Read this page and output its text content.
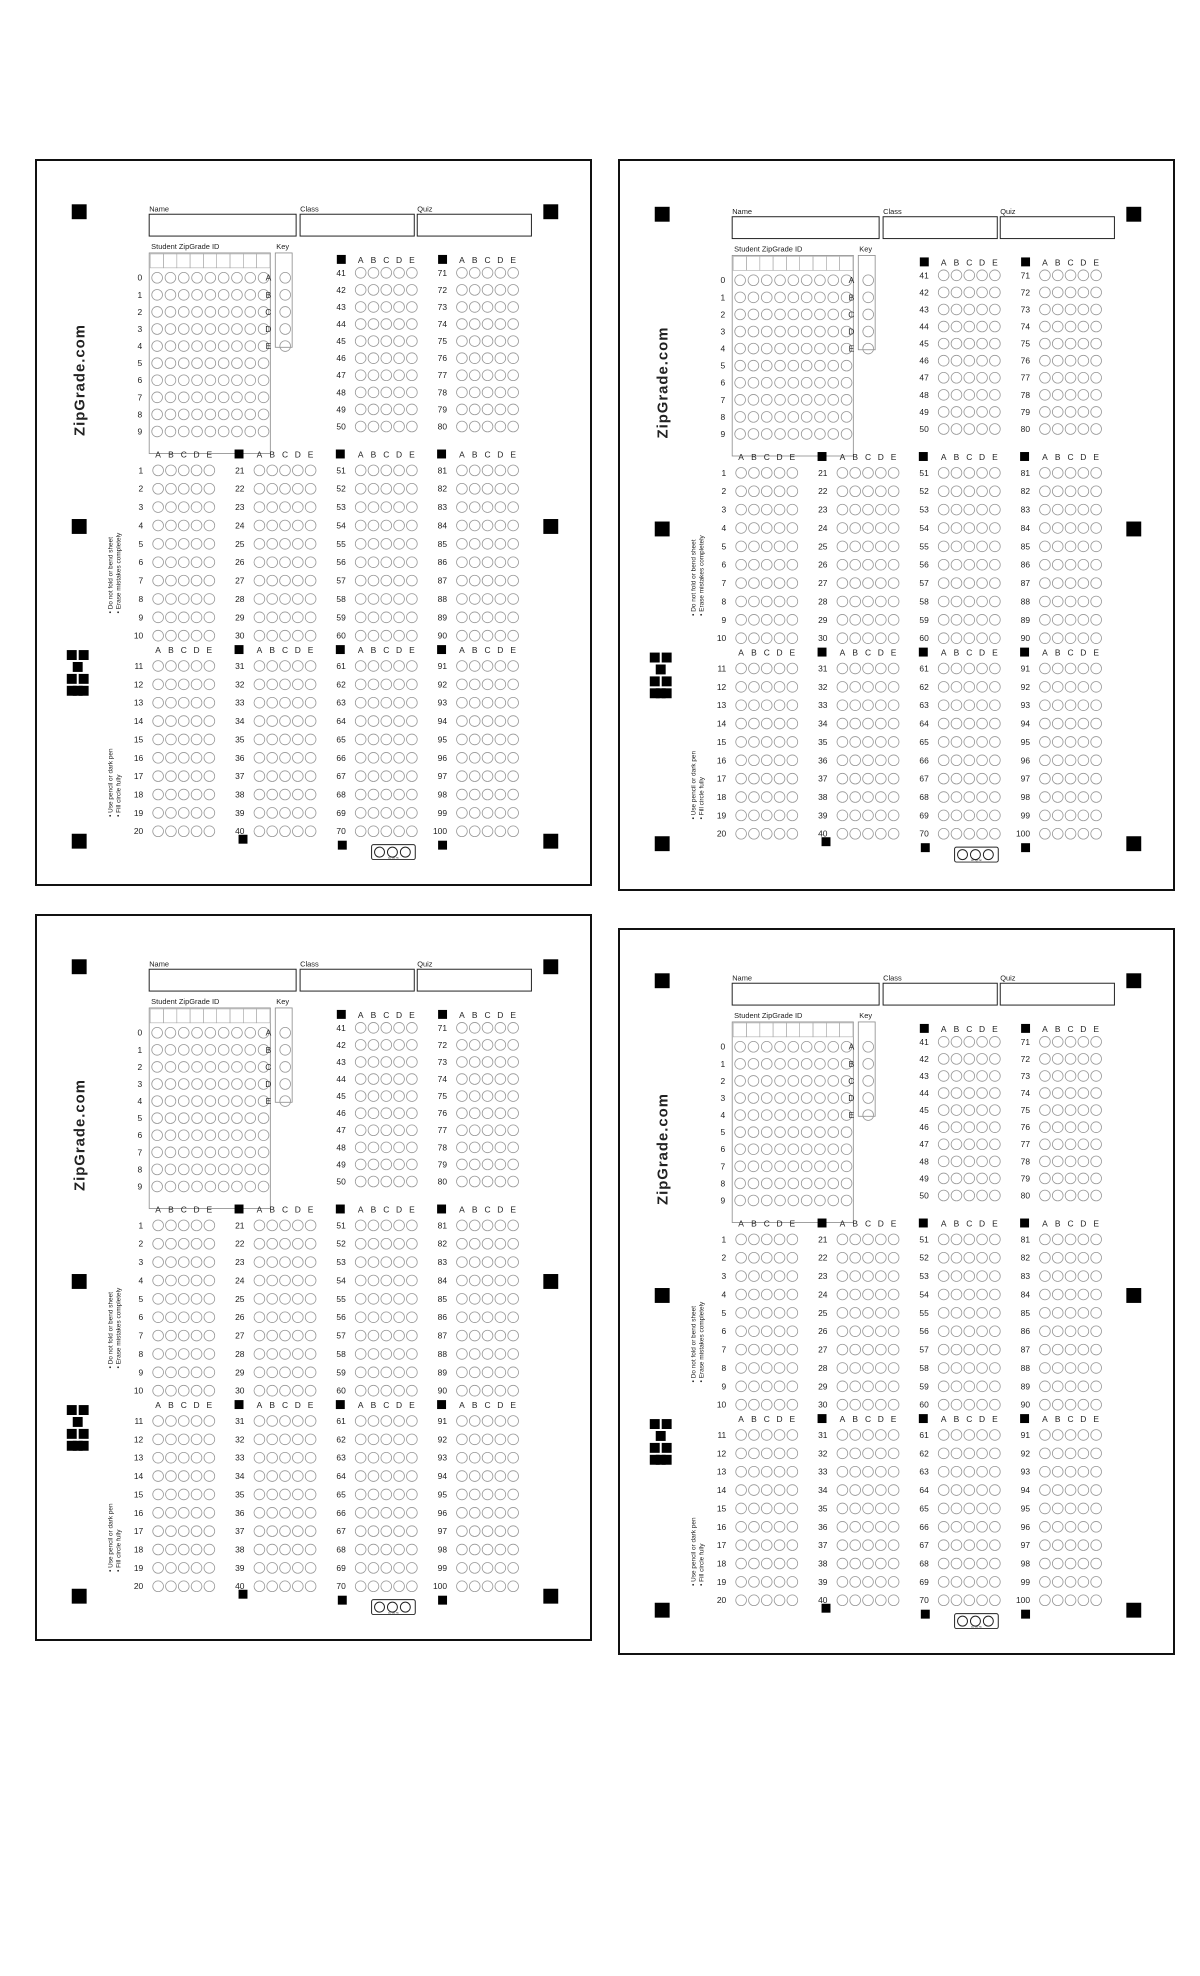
ZipGrade.com
• Do not fold or bend sheet • Erase mistakes completely
• Use pencil or dark pen • Fill circle fully
Name	Class	Quiz
Student ZipGrade ID
0
1
2
3
4
5
6
7
8
9
Key
A
B
C
D
E
A B C D E	A B C D E
41	71
42	72
43	73
44	74
45	75
46	76
47	77
48	78
49	79
50	80
A B C D E	A B C D E	A B C D E	A B C D E
1	21	51	81
2	22	52	82
3	23	53	83
4	24	54	84
5	25	55	85
6	26	56	86
7	27	57	87
8	28	58	88
9	29	59	89
10	30	60	90
A B C D E	A B C D E	A B C D E	A B C D E
11	31	61	91
12	32	62	92
13	33	63	93
14	34	64	94
15	35	65	95
16	36	66	96
17	37	67	97
18	38	68	98
19	39	69	99
20	40	70	100
cc by nc
ZipGrade.com
• Do not fold or bend sheet • Erase mistakes completely
• Use pencil or dark pen • Fill circle fully
Name	Class	Quiz
Student ZipGrade ID
0
1
2
3
4
5
6
7
8
9
Key
A
B
C
D
E
A B C D E	A B C D E
41	71
42	72
43	73
44	74
45	75
46	76
47	77
48	78
49	79
50	80
A B C D E	A B C D E	A B C D E	A B C D E
1	21	51	81
2	22	52	82
3	23	53	83
4	24	54	84
5	25	55	85
6	26	56	86
7	27	57	87
8	28	58	88
9	29	59	89
10	30	60	90
A B C D E	A B C D E	A B C D E	A B C D E
11	31	61	91
12	32	62	92
13	33	63	93
14	34	64	94
15	35	65	95
16	36	66	96
17	37	67	97
18	38	68	98
19	39	69	99
20	40	70	100
cc by nc
ZipGrade.com
• Do not fold or bend sheet • Erase mistakes completely
• Use pencil or dark pen • Fill circle fully
Name	Class	Quiz
Student ZipGrade ID
0
1
2
3
4
5
6
7
8
9
Key
A
B
C
D
E
A B C D E	A B C D E
41	71
42	72
43	73
44	74
45	75
46	76
47	77
48	78
49	79
50	80
A B C D E	A B C D E	A B C D E	A B C D E
1	21	51	81
2	22	52	82
3	23	53	83
4	24	54	84
5	25	55	85
6	26	56	86
7	27	57	87
8	28	58	88
9	29	59	89
10	30	60	90
A B C D E	A B C D E	A B C D E	A B C D E
11	31	61	91
12	32	62	92
13	33	63	93
14	34	64	94
15	35	65	95
16	36	66	96
17	37	67	97
18	38	68	98
19	39	69	99
20	40	70	100
cc by nc
ZipGrade.com
• Do not fold or bend sheet • Erase mistakes completely
• Use pencil or dark pen • Fill circle fully
Name	Class	Quiz
Student ZipGrade ID
0
1
2
3
4
5
6
7
8
9
Key
A
B
C
D
E
A B C D E	A B C D E
41	71
42	72
43	73
44	74
45	75
46	76
47	77
48	78
49	79
50	80
A B C D E	A B C D E	A B C D E	A B C D E
1	21	51	81
2	22	52	82
3	23	53	83
4	24	54	84
5	25	55	85
6	26	56	86
7	27	57	87
8	28	58	88
9	29	59	89
10	30	60	90
A B C D E	A B C D E	A B C D E	A B C D E
11	31	61	91
12	32	62	92
13	33	63	93
14	34	64	94
15	35	65	95
16	36	66	96
17	37	67	97
18	38	68	98
19	39	69	99
20	40	70	100
cc by nc
